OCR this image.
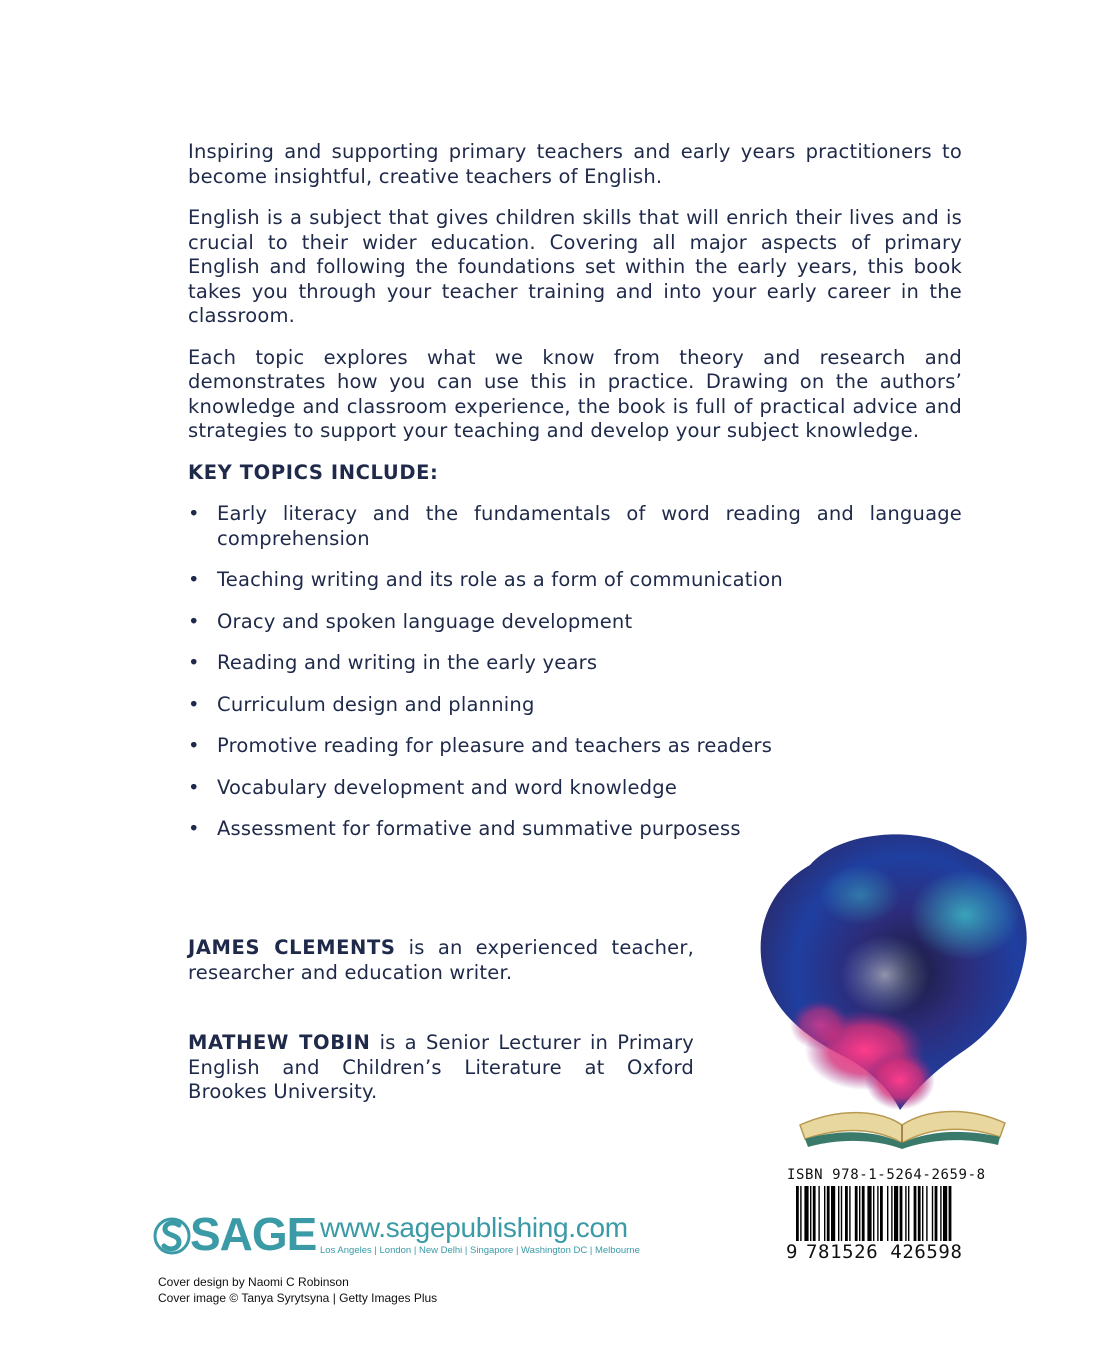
Inspiring and supporting primary teachers and early years practitioners to become insightful, creative teachers of English.

English is a subject that gives children skills that will enrich their lives and is crucial to their wider education. Covering all major aspects of primary English and following the foundations set within the early years, this book takes you through your teacher training and into your early career in the classroom.

Each topic explores what we know from theory and research and demonstrates how you can use this in practice. Drawing on the authors’ knowledge and classroom experience, the book is full of practical advice and strategies to support your teaching and develop your subject knowledge.

KEY TOPICS INCLUDE:
• Early literacy and the fundamentals of word reading and language comprehension
• Teaching writing and its role as a form of communication
• Oracy and spoken language development
• Reading and writing in the early years
• Curriculum design and planning
• Promotive reading for pleasure and teachers as readers
• Vocabulary development and word knowledge
• Assessment for formative and summative purposess

JAMES CLEMENTS is an experienced teacher, researcher and education writer.

MATHEW TOBIN is a Senior Lecturer in Primary English and Children’s Literature at Oxford Brookes University.

ISBN 978-1-5264-2659-8
9 781526 426598
SAGE www.sagepublishing.com
Los Angeles | London | New Delhi | Singapore | Washington DC | Melbourne
Cover design by Naomi C Robinson
Cover image © Tanya Syrytsyna | Getty Images Plus
